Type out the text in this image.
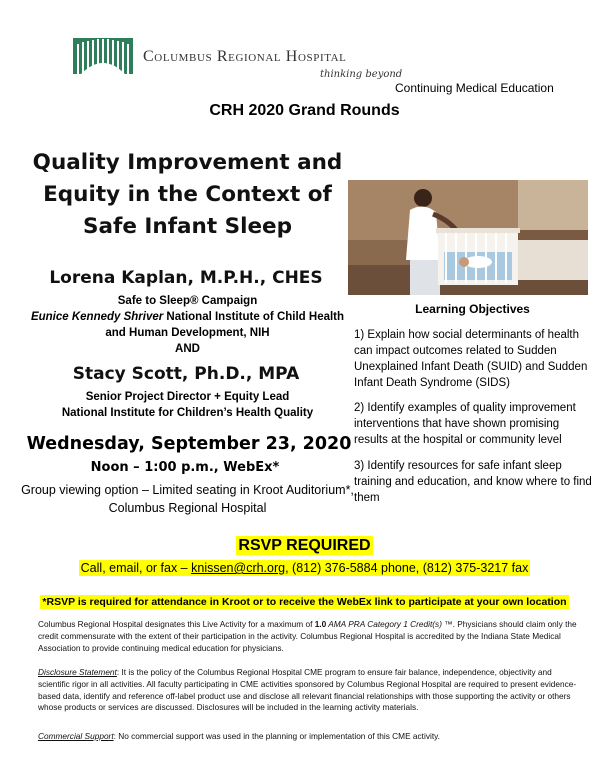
Columbus Regional Hospital
thinking beyond
Continuing Medical Education
CRH 2020 Grand Rounds
Quality Improvement and Equity in the Context of Safe Infant Sleep
Lorena Kaplan, M.P.H., CHES
Safe to Sleep® Campaign
Eunice Kennedy Shriver National Institute of Child Health and Human Development, NIH
AND
Stacy Scott, Ph.D., MPA
Senior Project Director + Equity Lead
National Institute for Children’s Health Quality
Wednesday, September 23, 2020
Noon – 1:00 p.m., WebEx*
Group viewing option – Limited seating in Kroot Auditorium*, Columbus Regional Hospital
Learning Objectives
1) Explain how social determinants of health can impact outcomes related to Sudden Unexplained Infant Death (SUID) and Sudden Infant Death Syndrome (SIDS)
2) Identify examples of quality improvement interventions that have shown promising results at the hospital or community level
3) Identify resources for safe infant sleep training and education, and know where to find them
RSVP REQUIRED
Call, email, or fax – knissen@crh.org, (812) 376-5884 phone, (812) 375-3217 fax
*RSVP is required for attendance in Kroot or to receive the WebEx link to participate at your own location
Columbus Regional Hospital designates this Live Activity for a maximum of 1.0 AMA PRA Category 1 Credit(s) ™. Physicians should claim only the credit commensurate with the extent of their participation in the activity. Columbus Regional Hospital is accredited by the Indiana State Medical Association to provide continuing medical education for physicians.
Disclosure Statement: It is the policy of the Columbus Regional Hospital CME program to ensure fair balance, independence, objectivity and scientific rigor in all activities. All faculty participating in CME activities sponsored by Columbus Regional Hospital are required to present evidence-based data, identify and reference off-label product use and disclose all relevant financial relationships with those supporting the activity or others whose products or services are discussed. Disclosures will be included in the learning activity materials.
Commercial Support: No commercial support was used in the planning or implementation of this CME activity.
